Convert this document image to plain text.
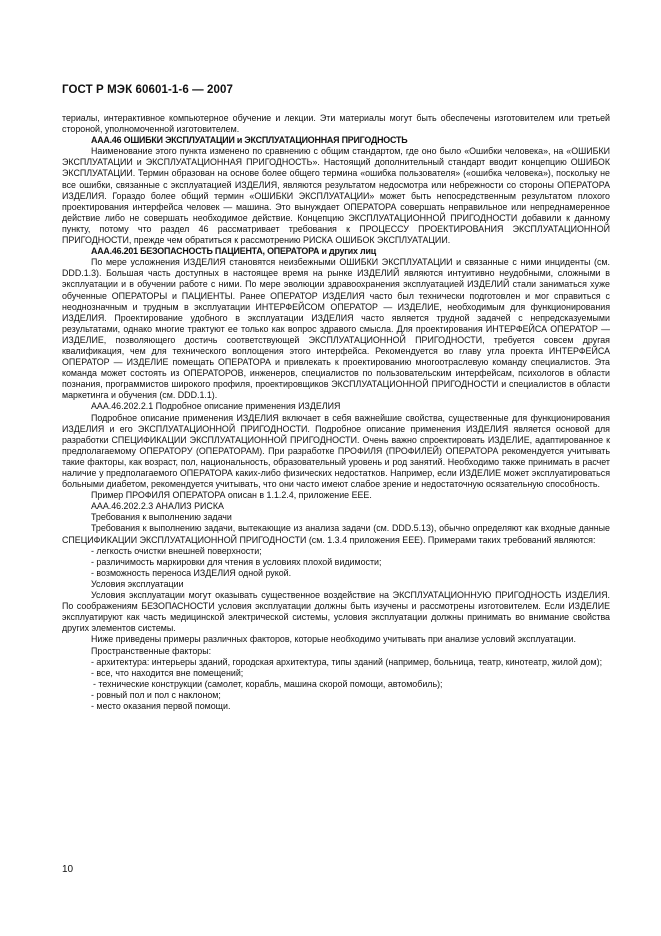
ГОСТ Р МЭК 60601-1-6 — 2007

териалы, интерактивное компьютерное обучение и лекции. Эти материалы могут быть обеспечены изготовителем или третьей стороной, уполномоченной изготовителем.

ААА.46 ОШИБКИ ЭКСПЛУАТАЦИИ и ЭКСПЛУАТАЦИОННАЯ ПРИГОДНОСТЬ

Наименование этого пункта изменено по сравнению с общим стандартом, где оно было «Ошибки человека», на «ОШИБКИ ЭКСПЛУАТАЦИИ и ЭКСПЛУАТАЦИОННАЯ ПРИГОДНОСТЬ». Настоящий дополнительный стандарт вводит концепцию ОШИБОК ЭКСПЛУАТАЦИИ. Термин образован на основе более общего термина «ошибка пользователя» («ошибка человека»), поскольку не все ошибки, связанные с эксплуатацией ИЗДЕЛИЯ, являются результатом недосмотра или небрежности со стороны ОПЕРАТОРА ИЗДЕЛИЯ. Гораздо более общий термин «ОШИБКИ ЭКСПЛУАТАЦИИ» может быть непосредственным результатом плохого проектирования интерфейса человек — машина. Это вынуждает ОПЕРАТОРА совершать неправильное или непреднамеренное действие либо не совершать необходимое действие. Концепцию ЭКСПЛУАТАЦИОННОЙ ПРИГОДНОСТИ добавили к данному пункту, потому что раздел 46 рассматривает требования к ПРОЦЕССУ ПРОЕКТИРОВАНИЯ ЭКСПЛУАТАЦИОННОЙ ПРИГОДНОСТИ, прежде чем обратиться к рассмотрению РИСКА ОШИБОК ЭКСПЛУАТАЦИИ.

ААА.46.201 БЕЗОПАСНОСТЬ ПАЦИЕНТА, ОПЕРАТОРА и других лиц

По мере усложнения ИЗДЕЛИЯ становятся неизбежными ОШИБКИ ЭКСПЛУАТАЦИИ и связанные с ними инциденты (см. DDD.1.3). Большая часть доступных в настоящее время на рынке ИЗДЕЛИЙ являются интуитивно неудобными, сложными в эксплуатации и в обучении работе с ними. По мере эволюции здравоохранения эксплуатацией ИЗДЕЛИЙ стали заниматься хуже обученные ОПЕРАТОРЫ и ПАЦИЕНТЫ. Ранее ОПЕРАТОР ИЗДЕЛИЯ часто был технически подготовлен и мог справиться с неоднозначным и трудным в эксплуатации ИНТЕРФЕЙСОМ ОПЕРАТОР — ИЗДЕЛИЕ, необходимым для функционирования ИЗДЕЛИЯ. Проектирование удобного в эксплуатации ИЗДЕЛИЯ часто является трудной задачей с непредсказуемыми результатами, однако многие трактуют ее только как вопрос здравого смысла. Для проектирования ИНТЕРФЕЙСА ОПЕРАТОР — ИЗДЕЛИЕ, позволяющего достичь соответствующей ЭКСПЛУАТАЦИОННОЙ ПРИГОДНОСТИ, требуется совсем другая квалификация, чем для технического воплощения этого интерфейса. Рекомендуется во главу угла проекта ИНТЕРФЕЙСА ОПЕРАТОР — ИЗДЕЛИЕ помещать ОПЕРАТОРА и привлекать к проектированию многоотраслевую команду специалистов. Эта команда может состоять из ОПЕРАТОРОВ, инженеров, специалистов по пользовательским интерфейсам, психологов в области познания, программистов широкого профиля, проектировщиков ЭКСПЛУАТАЦИОННОЙ ПРИГОДНОСТИ и специалистов в области маркетинга и обучения (см. DDD.1.1).

ААА.46.202.2.1 Подробное описание применения ИЗДЕЛИЯ

Подробное описание применения ИЗДЕЛИЯ включает в себя важнейшие свойства, существенные для функционирования ИЗДЕЛИЯ и его ЭКСПЛУАТАЦИОННОЙ ПРИГОДНОСТИ. Подробное описание применения ИЗДЕЛИЯ является основой для разработки СПЕЦИФИКАЦИИ ЭКСПЛУАТАЦИОННОЙ ПРИГОДНОСТИ. Очень важно спроектировать ИЗДЕЛИЕ, адаптированное к предполагаемому ОПЕРАТОРУ (ОПЕРАТОРАМ). При разработке ПРОФИЛЯ (ПРОФИЛЕЙ) ОПЕРАТОРА рекомендуется учитывать такие факторы, как возраст, пол, национальность, образовательный уровень и род занятий. Необходимо также принимать в расчет наличие у предполагаемого ОПЕРАТОРА каких-либо физических недостатков. Например, если ИЗДЕЛИЕ может эксплуатироваться больными диабетом, рекомендуется учитывать, что они часто имеют слабое зрение и недостаточную осязательную способность.

Пример ПРОФИЛЯ ОПЕРАТОРА описан в 1.1.2.4, приложение ЕЕЕ.

ААА.46.202.2.3 АНАЛИЗ РИСКА

Требования к выполнению задачи

Требования к выполнению задачи, вытекающие из анализа задачи (см. DDD.5.13), обычно определяют как входные данные СПЕЦИФИКАЦИИ ЭКСПЛУАТАЦИОННОЙ ПРИГОДНОСТИ (см. 1.3.4 приложения ЕЕЕ). Примерами таких требований являются:

- легкость очистки внешней поверхности;

- различимость маркировки для чтения в условиях плохой видимости;

- возможность переноса ИЗДЕЛИЯ одной рукой.

Условия эксплуатации

Условия эксплуатации могут оказывать существенное воздействие на ЭКСПЛУАТАЦИОННУЮ ПРИГОДНОСТЬ ИЗДЕЛИЯ. По соображениям БЕЗОПАСНОСТИ условия эксплуатации должны быть изучены и рассмотрены изготовителем. Если ИЗДЕЛИЕ эксплуатируют как часть медицинской электрической системы, условия эксплуатации должны принимать во внимание свойства других элементов системы.

Ниже приведены примеры различных факторов, которые необходимо учитывать при анализе условий эксплуатации.

Пространственные факторы:

- архитектура: интерьеры зданий, городская архитектура, типы зданий (например, больница, театр, кинотеатр, жилой дом);

- все, что находится вне помещений;

- технические конструкции (самолет, корабль, машина скорой помощи, автомобиль);

- ровный пол и пол с наклоном;

- место оказания первой помощи.

10
